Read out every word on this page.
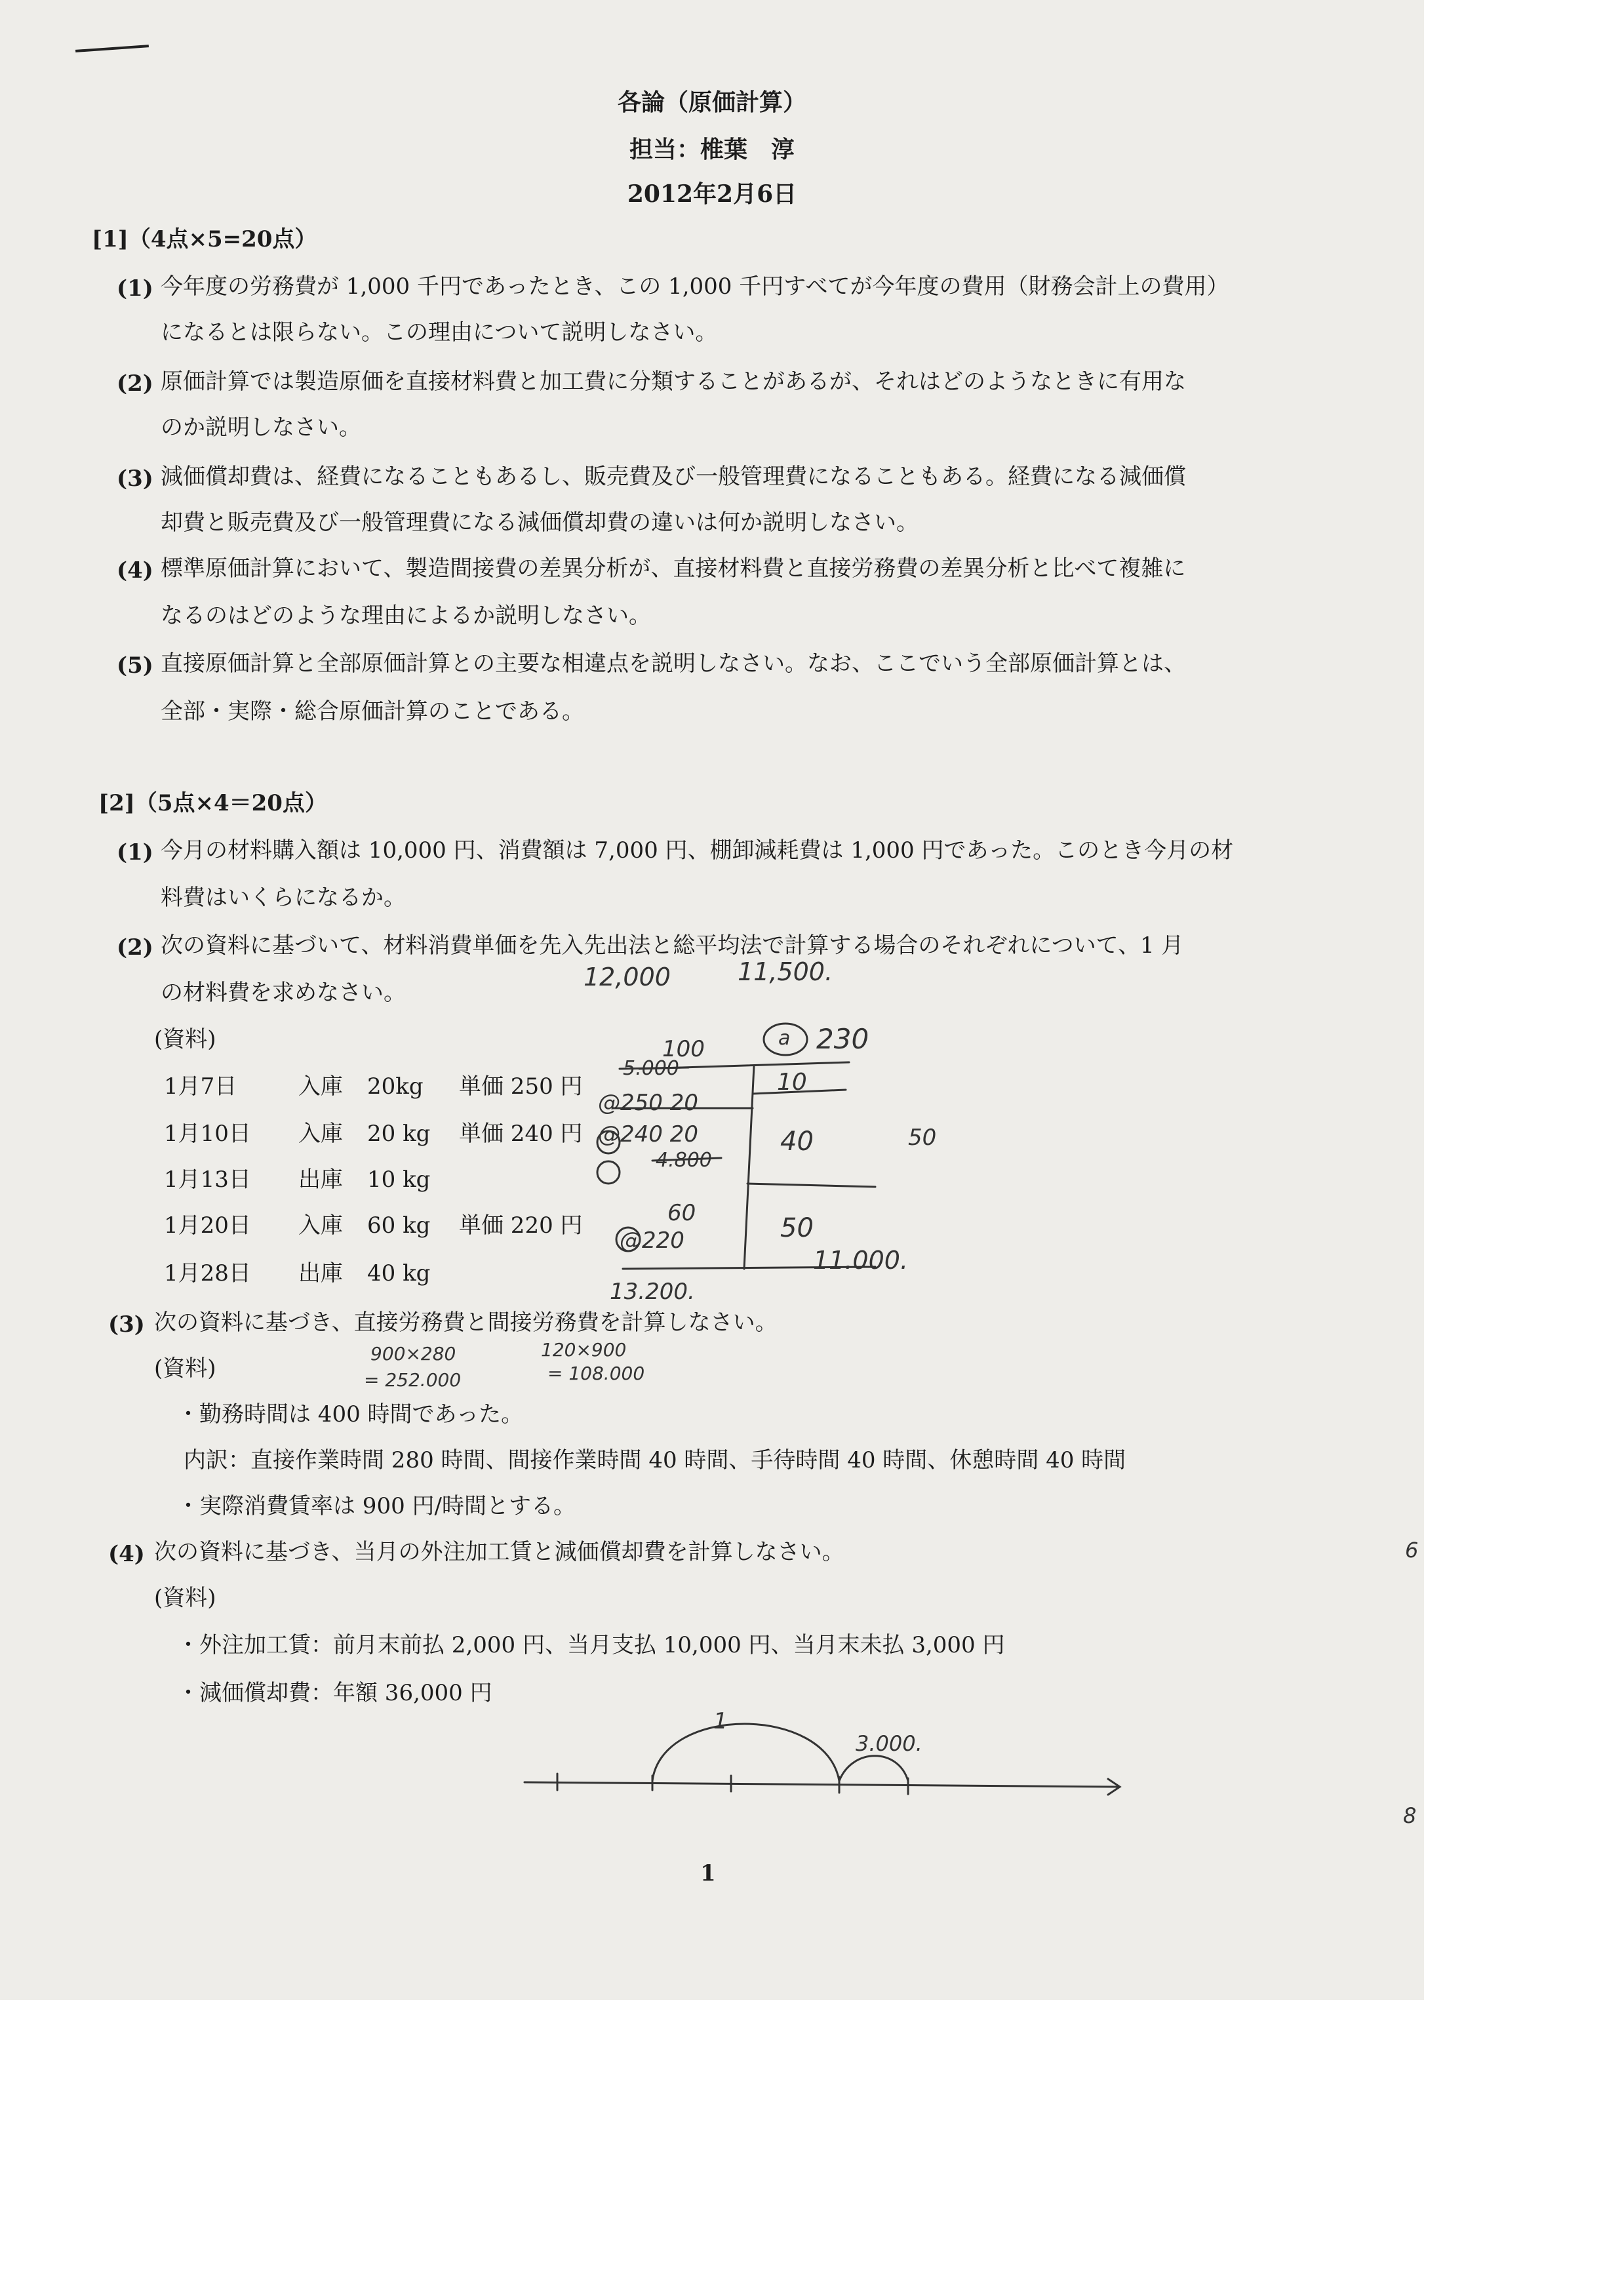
各論（原価計算）
担当：椎葉　淳
2012年2月6日
[1]（4点×5=20点）
(1) 今年度の労務費が 1,000 千円であったとき、この 1,000 千円すべてが今年度の費用（財務会計上の費用）
になるとは限らない。この理由について説明しなさい。
(2) 原価計算では製造原価を直接材料費と加工費に分類することがあるが、それはどのようなときに有用な
のか説明しなさい。
(3) 減価償却費は、経費になることもあるし、販売費及び一般管理費になることもある。経費になる減価償
却費と販売費及び一般管理費になる減価償却費の違いは何か説明しなさい。
(4) 標準原価計算において、製造間接費の差異分析が、直接材料費と直接労務費の差異分析と比べて複雑に
なるのはどのような理由によるか説明しなさい。
(5) 直接原価計算と全部原価計算との主要な相違点を説明しなさい。なお、ここでいう全部原価計算とは、
全部・実際・総合原価計算のことである。
[2]（5点×4＝20点）
(1) 今月の材料購入額は 10,000 円、消費額は 7,000 円、棚卸減耗費は 1,000 円であった。このとき今月の材
料費はいくらになるか。
(2) 次の資料に基づいて、材料消費単価を先入先出法と総平均法で計算する場合のそれぞれについて、1 月
の材料費を求めなさい。
(資料)
1月7日	入庫 20kg 単価 250 円
1月10日 入庫 20 kg 単価 240 円
1月13日 出庫 10 kg
1月20日 入庫 60 kg 単価 220 円
1月28日 出庫 40 kg
(3) 次の資料に基づき、直接労務費と間接労務費を計算しなさい。
(資料)
・勤務時間は 400 時間であった。
内訳：直接作業時間 280 時間、間接作業時間 40 時間、手待時間 40 時間、休憩時間 40 時間
・実際消費賃率は 900 円/時間とする。
(4) 次の資料に基づき、当月の外注加工賃と減価償却費を計算しなさい。
(資料)
・外注加工賃：前月末前払 2,000 円、当月支払 10,000 円、当月末未払 3,000 円
・減価償却費：年額 36,000 円
12,000	11,500.
a 230
100
5.000
@250 20
@240 20
4.800
10
40	50
60
@220	50
11.000.
13.200.
900×280
= 252.000
120×900
= 108.000
1
3.000.
6
8
1
